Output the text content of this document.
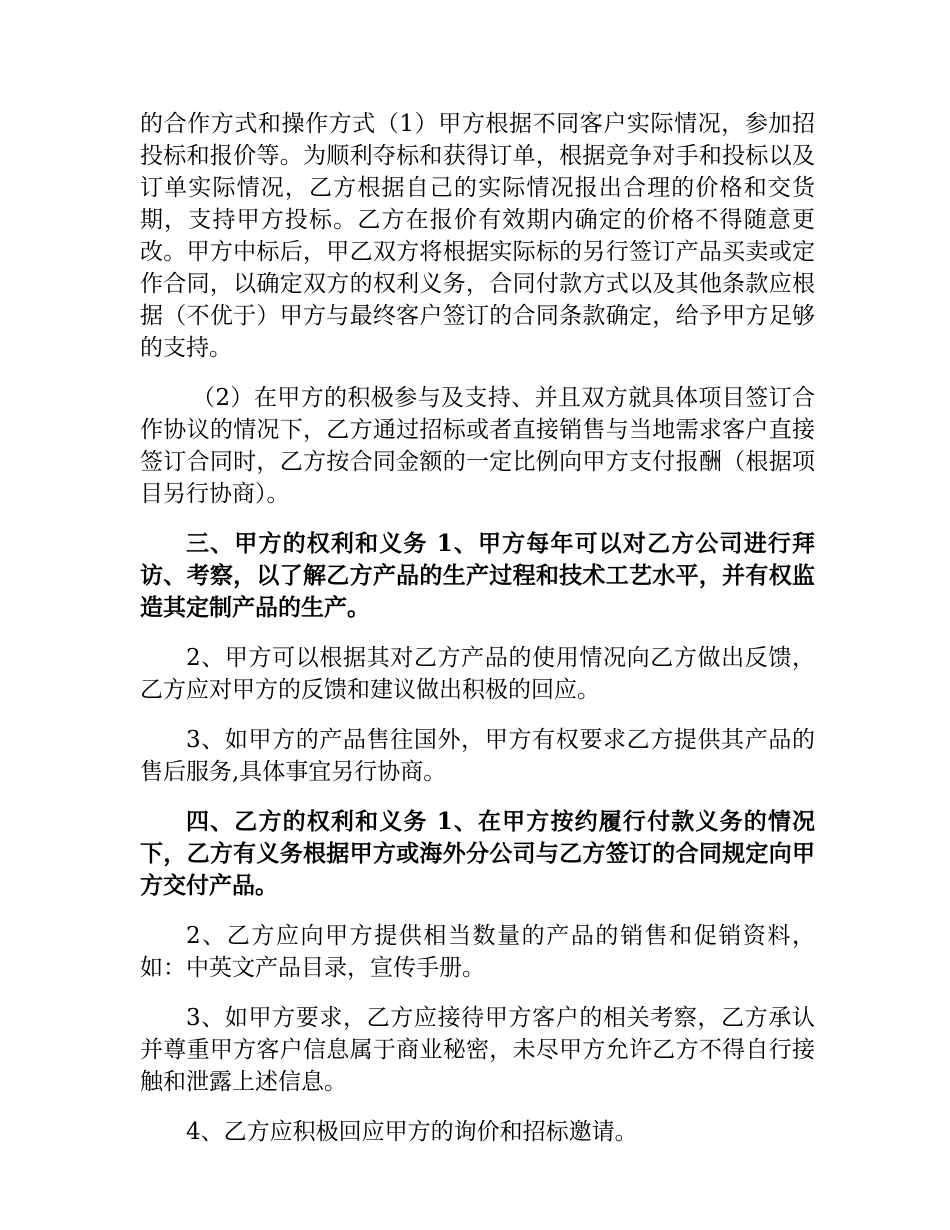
的合作方式和操作方式（1）甲方根据不同客户实际情况，参加招投标和报价等。为顺利夺标和获得订单，根据竞争对手和投标以及订单实际情况，乙方根据自己的实际情况报出合理的价格和交货期，支持甲方投标。乙方在报价有效期内确定的价格不得随意更改。甲方中标后，甲乙双方将根据实际标的另行签订产品买卖或定作合同，以确定双方的权利义务，合同付款方式以及其他条款应根据（不优于）甲方与最终客户签订的合同条款确定，给予甲方足够的支持。

（2）在甲方的积极参与及支持、并且双方就具体项目签订合作协议的情况下，乙方通过招标或者直接销售与当地需求客户直接签订合同时，乙方按合同金额的一定比例向甲方支付报酬（根据项目另行协商）。

三、甲方的权利和义务 1、甲方每年可以对乙方公司进行拜访、考察，以了解乙方产品的生产过程和技术工艺水平，并有权监造其定制产品的生产。

2、甲方可以根据其对乙方产品的使用情况向乙方做出反馈，乙方应对甲方的反馈和建议做出积极的回应。

3、如甲方的产品售往国外，甲方有权要求乙方提供其产品的售后服务,具体事宜另行协商。

四、乙方的权利和义务 1、在甲方按约履行付款义务的情况下，乙方有义务根据甲方或海外分公司与乙方签订的合同规定向甲方交付产品。

2、乙方应向甲方提供相当数量的产品的销售和促销资料，如：中英文产品目录，宣传手册。

3、如甲方要求，乙方应接待甲方客户的相关考察，乙方承认并尊重甲方客户信息属于商业秘密，未尽甲方允许乙方不得自行接触和泄露上述信息。

4、乙方应积极回应甲方的询价和招标邀请。
